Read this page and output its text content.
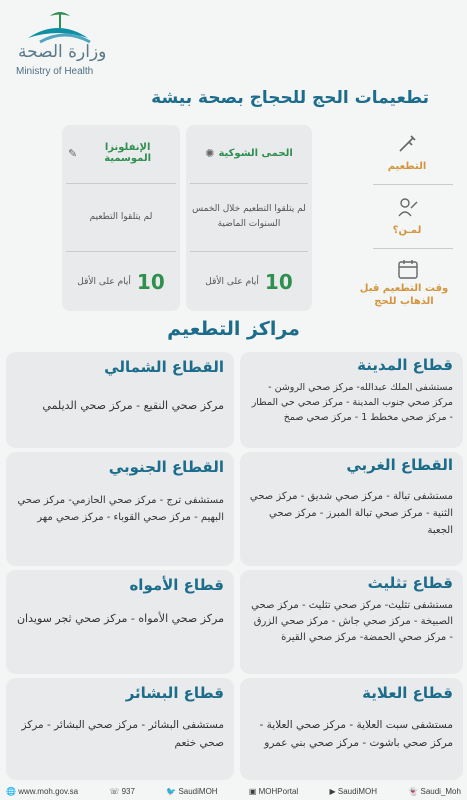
وزارة الصحة
Ministry of Health
تطعيمات الحج للحجاج بصحة بيشة
الإنفلونزا الموسمية
✎
لم يتلقوا التطعيم
10
أيام على الأقل
الحمى الشوكية
✺
لم يتلقوا التطعيم خلال الخمس السنوات الماضية
10
أيام على الأقل
التطعيم
لمـن؟
وقت التطعيم قبل الذهاب للحج
مراكز التطعيم
قطاع المدينة
مستشفى الملك عبدالله- مركز صحي الروشن - مركز صحي جنوب المدينة - مركز صحي حي المطار - مركز صحي مخطط 1 - مركز صحي صمخ
القطاع الشمالي
مركز صحي النقيع - مركز صحي الديلمي
القطاع الغربي
مستشفى تبالة - مركز صحي شديق - مركز صحي الثنية - مركز صحي تبالة المبرز - مركز صحي الجعبة
القطاع الجنوبي
مستشفى ترج - مركز صحي الحازمي- مركز صحي البهيم - مركز صحي القوباء - مركز صحي مهر
قطاع تثليث
مستشفى تثليث- مركز صحي تثليث - مركز صحي الصبيخة - مركز صحي جاش - مركز صحي الزرق - مركز صحي الحمضة- مركز صحي القيرة
قطاع الأمواه
مركز صحي الأمواه - مركز صحي ثجر سويدان
قطاع العلاية
مستشفى سبت العلاية - مركز صحي العلاية - مركز صحي باشوت - مركز صحي بني عمرو
قطاع البشائر
مستشفى البشائر - مركز صحي البشائر - مركز صحي خثعم
🌐 www.moh.gov.sa	☏ 937	🐦 SaudiMOH	▣ MOHPortal	▶ SaudiMOH	👻 Saudi_Moh
